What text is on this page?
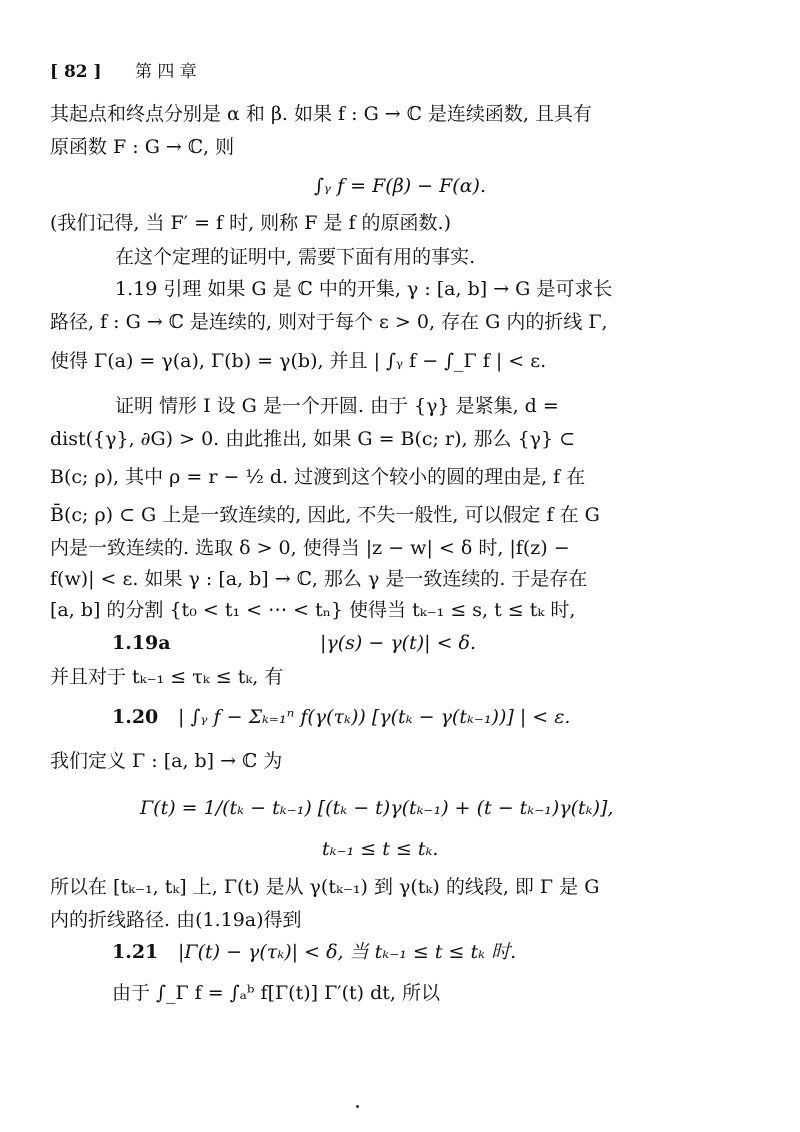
[ 82 ] 第 四 章
其起点和终点分别是 α 和 β. 如果 f : G → ℂ 是连续函数, 且具有
原函数 F : G → ℂ, 则
∫ᵧ f = F(β) − F(α).
(我们记得, 当 F′ = f 时, 则称 F 是 f 的原函数.)
在这个定理的证明中, 需要下面有用的事实.
1.19 引理 如果 G 是 ℂ 中的开集, γ : [a, b] → G 是可求长
路径, f : G → ℂ 是连续的, 则对于每个 ε > 0, 存在 G 内的折线 Γ,
使得 Γ(a) = γ(a), Γ(b) = γ(b), 并且 | ∫ᵧ f − ∫_Γ f | < ε.
证明 情形 I 设 G 是一个开圆. 由于 {γ} 是紧集, d =
dist({γ}, ∂G) > 0. 由此推出, 如果 G = B(c; r), 那么 {γ} ⊂
B(c; ρ), 其中 ρ = r − ½ d. 过渡到这个较小的圆的理由是, f 在
B̄(c; ρ) ⊂ G 上是一致连续的, 因此, 不失一般性, 可以假定 f 在 G
内是一致连续的. 选取 δ > 0, 使得当 |z − w| < δ 时, |f(z) −
f(w)| < ε. 如果 γ : [a, b] → ℂ, 那么 γ 是一致连续的. 于是存在
[a, b] 的分割 {t₀ < t₁ < ⋯ < tₙ} 使得当 tₖ₋₁ ≤ s, t ≤ tₖ 时,
1.19a	|γ(s) − γ(t)| < δ.
并且对于 tₖ₋₁ ≤ τₖ ≤ tₖ, 有
1.20 | ∫ᵧ f − Σₖ₌₁ⁿ f(γ(τₖ)) [γ(tₖ − γ(tₖ₋₁))] | < ε.
我们定义 Γ : [a, b] → ℂ 为
Γ(t) = 1/(tₖ − tₖ₋₁) [(tₖ − t)γ(tₖ₋₁) + (t − tₖ₋₁)γ(tₖ)],
tₖ₋₁ ≤ t ≤ tₖ.
所以在 [tₖ₋₁, tₖ] 上, Γ(t) 是从 γ(tₖ₋₁) 到 γ(tₖ) 的线段, 即 Γ 是 G
内的折线路径. 由(1.19a)得到
1.21 |Γ(t) − γ(τₖ)| < δ, 当 tₖ₋₁ ≤ t ≤ tₖ 时.
由于 ∫_Γ f = ∫ₐᵇ f[Γ(t)] Γ′(t) dt, 所以
